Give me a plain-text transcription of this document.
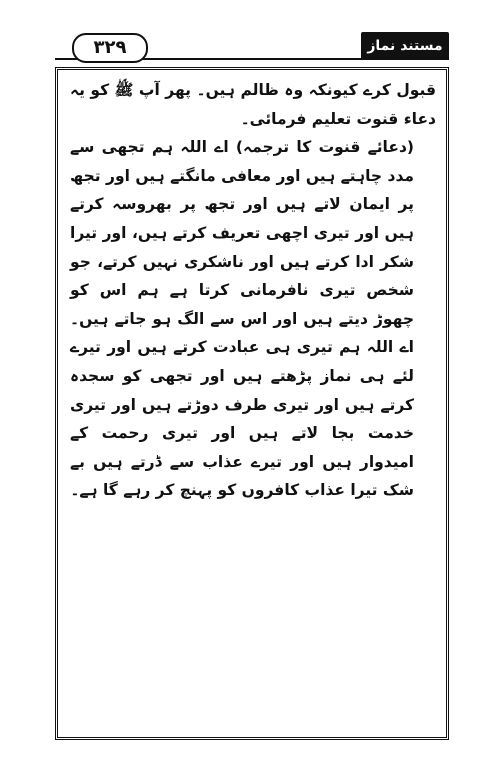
۳۲۹	مستند نماز حنفی

قبول کرے کیونکہ وہ ظالم ہیں۔ پھر آپ ﷺ کو یہ دعاء قنوت تعلیم فرمائی۔

(دعائے قنوت کا ترجمہ) اے اللہ ہم تجھی سے مدد چاہتے ہیں اور معافی مانگتے ہیں اور تجھ پر ایمان لاتے ہیں اور تجھ پر بھروسہ کرتے ہیں اور تیری اچھی تعریف کرتے ہیں، اور تیرا شکر ادا کرتے ہیں اور ناشکری نہیں کرتے، جو شخص تیری نافرمانی کرتا ہے ہم اس کو چھوڑ دیتے ہیں اور اس سے الگ ہو جاتے ہیں۔ اے اللہ ہم تیری ہی عبادت کرتے ہیں اور تیرے لئے ہی نماز پڑھتے ہیں اور تجھی کو سجدہ کرتے ہیں اور تیری طرف دوڑتے ہیں اور تیری خدمت بجا لاتے ہیں اور تیری رحمت کے امیدوار ہیں اور تیرے عذاب سے ڈرتے ہیں بے شک تیرا عذاب کافروں کو پہنچ کر رہے گا ہے۔
